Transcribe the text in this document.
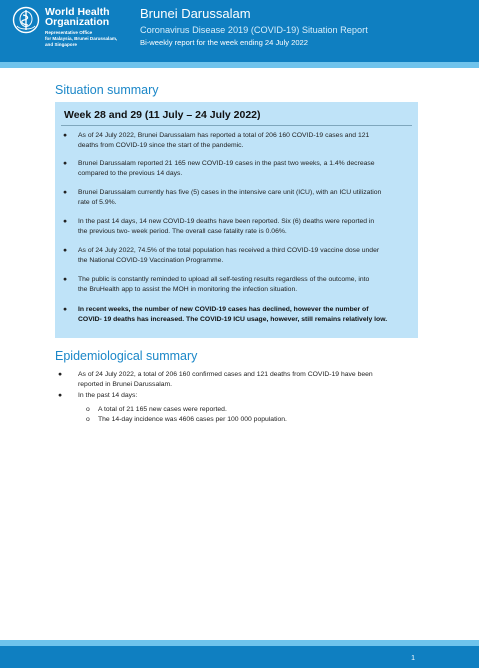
World Health
Organization
Representative Office
for Malaysia, Brunei Darussalam,
and Singapore
Brunei Darussalam
Coronavirus Disease 2019 (COVID-19) Situation Report
Bi-weekly report for the week ending 24 July 2022
Situation summary
Week 28 and 29 (11 July – 24 July 2022)
● As of 24 July 2022, Brunei Darussalam has reported a total of 206 160 COVID-19 cases and 121
deaths from COVID-19 since the start of the pandemic.
● Brunei Darussalam reported 21 165 new COVID-19 cases in the past two weeks, a 1.4% decrease
compared to the previous 14 days.
● Brunei Darussalam currently has five (5) cases in the intensive care unit (ICU), with an ICU utilization
rate of 5.9%.
● In the past 14 days, 14 new COVID-19 deaths have been reported. Six (6) deaths were reported in
the previous two- week period. The overall case fatality rate is 0.06%.
● As of 24 July 2022, 74.5% of the total population has received a third COVID-19 vaccine dose under
the National COVID-19 Vaccination Programme.
● The public is constantly reminded to upload all self-testing results regardless of the outcome, into
the BruHealth app to assist the MOH in monitoring the infection situation.
● In recent weeks, the number of new COVID-19 cases has declined, however the number of
COVID- 19 deaths has increased. The COVID-19 ICU usage, however, still remains relatively low.
Epidemiological summary
● As of 24 July 2022, a total of 206 160 confirmed cases and 121 deaths from COVID-19 have been
reported in Brunei Darussalam.
● In the past 14 days:
o A total of 21 165 new cases were reported.
o The 14-day incidence was 4606 cases per 100 000 population.
1
